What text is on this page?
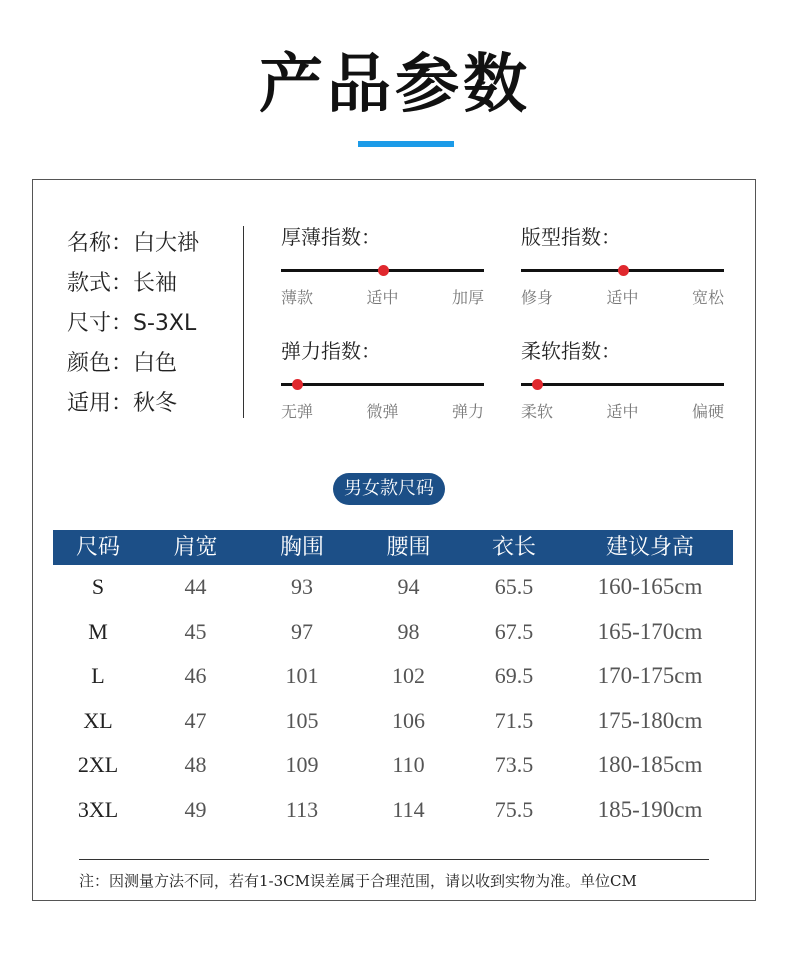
产品参数
名称：白大褂
款式：长袖
尺寸：S-3XL
颜色：白色
适用：秋冬
厚薄指数：
薄款	适中	加厚
版型指数：
修身	适中	宽松
弹力指数：
无弹	微弹	弹力
柔软指数：
柔软	适中	偏硬
男女款尺码
尺码	肩宽	胸围	腰围	衣长	建议身高
S	44	93	94	65.5	160-165cm
M	45	97	98	67.5	165-170cm
L	46	101	102	69.5	170-175cm
XL	47	105	106	71.5	175-180cm
2XL	48	109	110	73.5	180-185cm
3XL	49	113	114	75.5	185-190cm
注：因测量方法不同，若有1-3CM误差属于合理范围，请以收到实物为准。单位CM
